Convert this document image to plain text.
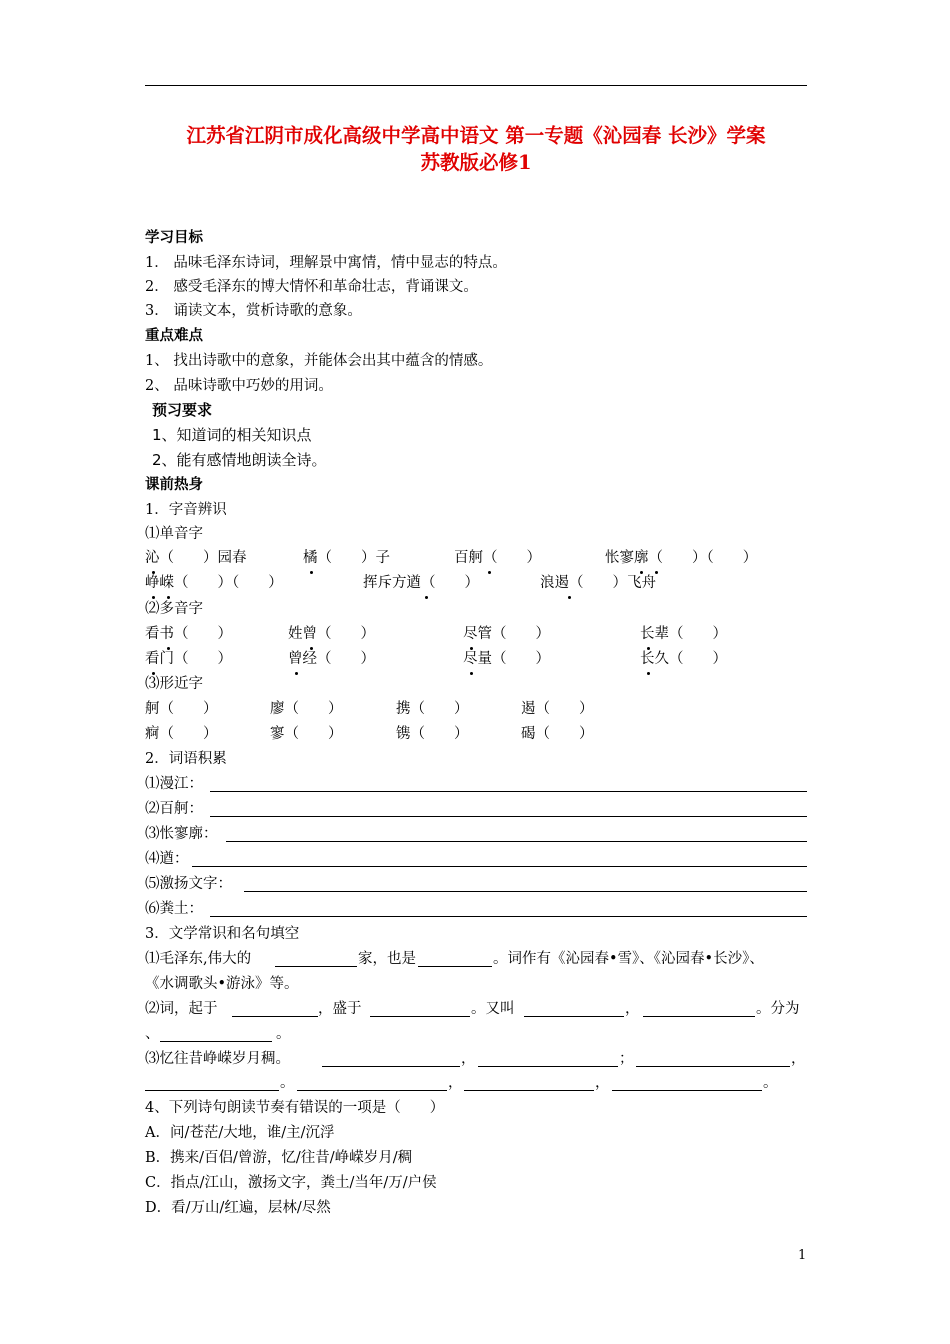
江苏省江阴市成化高级中学高中语文 第一专题《沁园春 长沙》学案
苏教版必修1
学习目标
1． 品味毛泽东诗词，理解景中寓情，情中显志的特点。
2． 感受毛泽东的博大情怀和革命壮志，背诵课文。
3． 诵读文本，赏析诗歌的意象。
重点难点
1、 找出诗歌中的意象，并能体会出其中蕴含的情感。
2、 品味诗歌中巧妙的用词。
预习要求
1、知道词的相关知识点
2、能有感情地朗读全诗。
课前热身
1．字音辨识
⑴单音字
沁（　　）园春	橘（　　）子	百舸（　　）	怅寥廓（　　）（　　）
峥嵘（　　）（　　）	挥斥方遒（　　）	浪遏（　　）飞舟
⑵多音字
看书（　　）	姓曾（　　）	尽管（　　）	长辈（　　）
看门（　　）	曾经（　　）	尽量（　　）	长久（　　）
⑶形近字
舸（　　）	廖（　　）	携（　　）	遏（　　）
痾（　　）	寥（　　）	镌（　　）	碣（　　）
2．词语积累
⑴漫江：
⑵百舸：
⑶怅寥廓：
⑷遒：
⑸激扬文字：
⑹粪土：
3．文学常识和名句填空
⑴毛泽东,伟大的	家，也是	。词作有《沁园春•雪》、《沁园春•长沙》、
《水调歌头•游泳》等。
⑵词，起于	，盛于	。又叫	，	。分为
、	。
⑶忆往昔峥嵘岁月稠。	，	；	，
。	，	，	。
4、下列诗句朗读节奏有错误的一项是（　　）
A．问/苍茫/大地，谁/主/沉浮
B．携来/百侣/曾游，忆/往昔/峥嵘岁月/稠
C．指点/江山，激扬文字，粪土/当年/万/户侯
D．看/万山/红遍，层林/尽然
1
